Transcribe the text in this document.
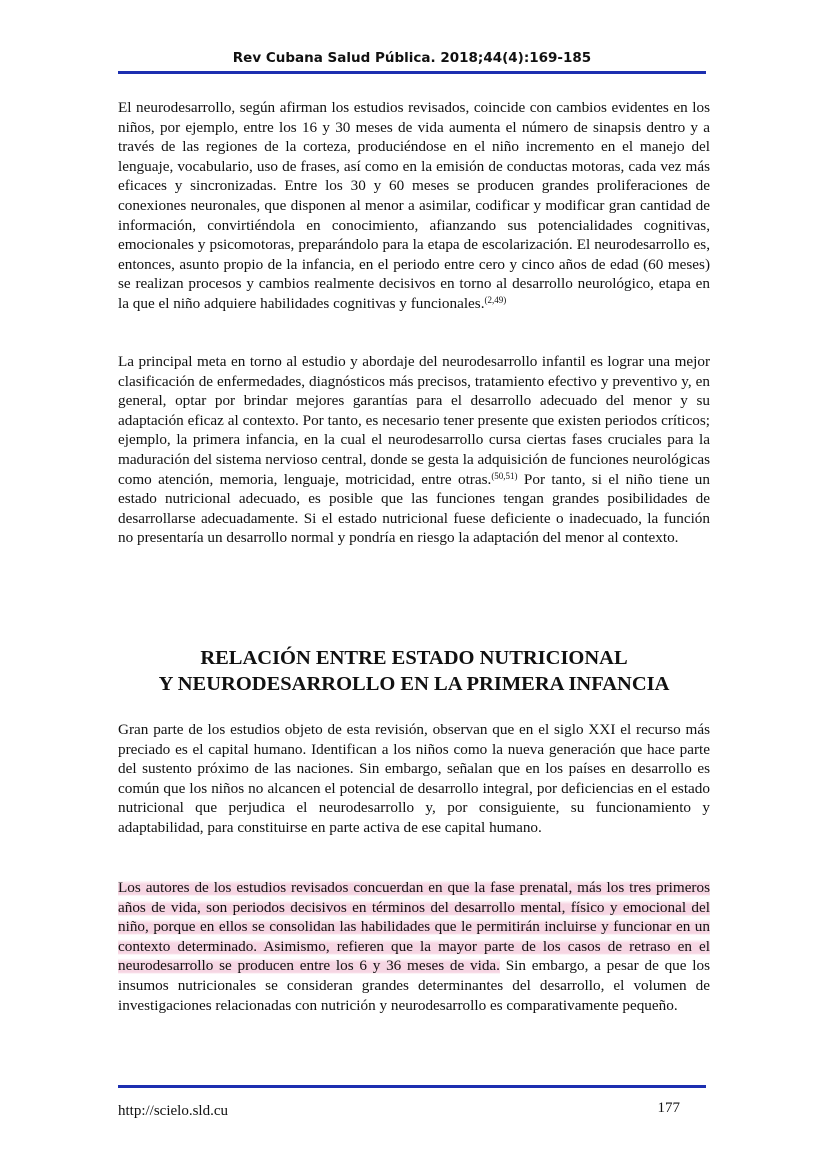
Rev Cubana Salud Pública. 2018;44(4):169-185

El neurodesarrollo, según afirman los estudios revisados, coincide con cambios evidentes en los niños, por ejemplo, entre los 16 y 30 meses de vida aumenta el número de sinapsis dentro y a través de las regiones de la corteza, produciéndose en el niño incremento en el manejo del lenguaje, vocabulario, uso de frases, así como en la emisión de conductas motoras, cada vez más eficaces y sincronizadas. Entre los 30 y 60 meses se producen grandes proliferaciones de conexiones neuronales, que disponen al menor a asimilar, codificar y modificar gran cantidad de información, convirtiéndola en conocimiento, afianzando sus potencialidades cognitivas, emocionales y psicomotoras, preparándolo para la etapa de escolarización. El neurodesarrollo es, entonces, asunto propio de la infancia, en el periodo entre cero y cinco años de edad (60 meses) se realizan procesos y cambios realmente decisivos en torno al desarrollo neurológico, etapa en la que el niño adquiere habilidades cognitivas y funcionales.$^{(2,49)}$

La principal meta en torno al estudio y abordaje del neurodesarrollo infantil es lograr una mejor clasificación de enfermedades, diagnósticos más precisos, tratamiento efectivo y preventivo y, en general, optar por brindar mejores garantías para el desarrollo adecuado del menor y su adaptación eficaz al contexto. Por tanto, es necesario tener presente que existen periodos críticos; ejemplo, la primera infancia, en la cual el neurodesarrollo cursa ciertas fases cruciales para la maduración del sistema nervioso central, donde se gesta la adquisición de funciones neurológicas como atención, memoria, lenguaje, motricidad, entre otras.$^{(50,51)}$ Por tanto, si el niño tiene un estado nutricional adecuado, es posible que las funciones tengan grandes posibilidades de desarrollarse adecuadamente. Si el estado nutricional fuese deficiente o inadecuado, la función no presentaría un desarrollo normal y pondría en riesgo la adaptación del menor al contexto.

RELACIÓN ENTRE ESTADO NUTRICIONAL
Y NEURODESARROLLO EN LA PRIMERA INFANCIA

Gran parte de los estudios objeto de esta revisión, observan que en el siglo XXI el recurso más preciado es el capital humano. Identifican a los niños como la nueva generación que hace parte del sustento próximo de las naciones. Sin embargo, señalan que en los países en desarrollo es común que los niños no alcancen el potencial de desarrollo integral, por deficiencias en el estado nutricional que perjudica el neurodesarrollo y, por consiguiente, su funcionamiento y adaptabilidad, para constituirse en parte activa de ese capital humano.

Los autores de los estudios revisados concuerdan en que la fase prenatal, más los tres primeros años de vida, son periodos decisivos en términos del desarrollo mental, físico y emocional del niño, porque en ellos se consolidan las habilidades que le permitirán incluirse y funcionar en un contexto determinado. Asimismo, refieren que la mayor parte de los casos de retraso en el neurodesarrollo se producen entre los 6 y 36 meses de vida. Sin embargo, a pesar de que los insumos nutricionales se consideran grandes determinantes del desarrollo, el volumen de investigaciones relacionadas con nutrición y neurodesarrollo es comparativamente pequeño.

http://scielo.sld.cu	177
